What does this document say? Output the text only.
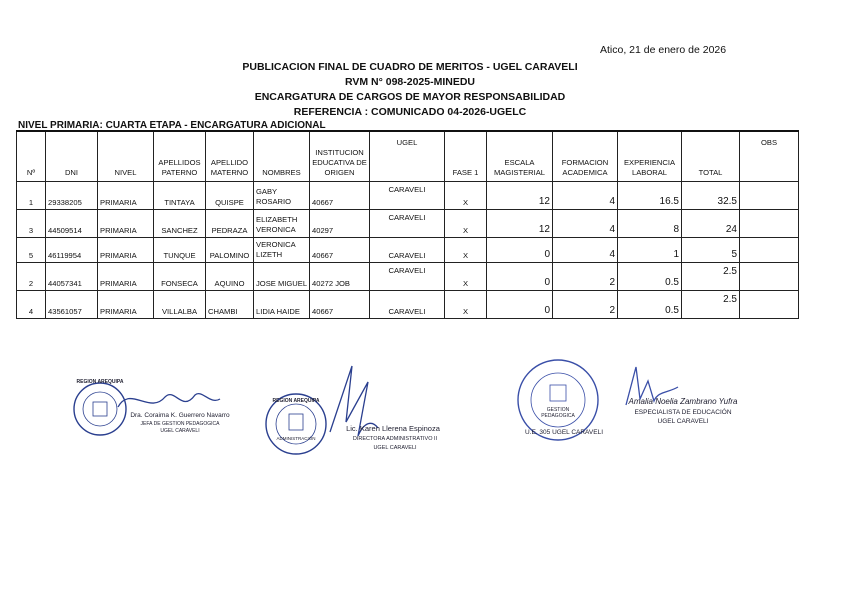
Atico, 21 de enero de 2026
PUBLICACION FINAL DE CUADRO DE MERITOS - UGEL CARAVELI
RVM N° 098-2025-MINEDU
ENCARGATURA DE CARGOS DE MAYOR RESPONSABILIDAD
REFERENCIA : COMUNICADO 04-2026-UGELC
NIVEL PRIMARIA: CUARTA ETAPA - ENCARGATURA ADICIONAL
Nº	DNI	NIVEL	APELLIDOS PATERNO	APELLIDO MATERNO	NOMBRES	INSTITUCION EDUCATIVA DE ORIGEN	UGEL	FASE 1	ESCALA MAGISTERIAL	FORMACION ACADEMICA	EXPERIENCIA LABORAL	TOTAL	OBS
1	29338205	PRIMARIA	TINTAYA	QUISPE	GABY
ROSARIO	40667	CARAVELI	X	12	4	16.5	32.5	
3	44509514	PRIMARIA	SANCHEZ	PEDRAZA	ELIZABETH
VERONICA	40297	CARAVELI	X	12	4	8	24	
5	46119954	PRIMARIA	TUNQUE	PALOMINO	VERONICA
LIZETH	40667	CARAVELI	X	0	4	1	5	
2	44057341	PRIMARIA	FONSECA	AQUINO	JOSE MIGUEL	40272 JOB	CARAVELI	X	0	2	0.5	2.5	
4	43561057	PRIMARIA	VILLALBA	CHAMBI	LIDIA HAIDE	40667	CARAVELI	X	0	2	0.5	2.5	
REGION AREQUIPA
Dra. Coraima K. Guerrero Navarro
JEFA DE GESTION PEDAGOGICA
UGEL CARAVELI
REGION AREQUIPA
ADMINISTRACIÓN
Lic. Karen Llerena Espinoza
DIRECTORA ADMINISTRATIVO II
UGEL CARAVELI
GESTION PEDAGOGICA
U.E. 305 UGEL CARAVELI
Amalia Noelia Zambrano Yufra
ESPECIALISTA DE EDUCACIÓN
UGEL CARAVELI
